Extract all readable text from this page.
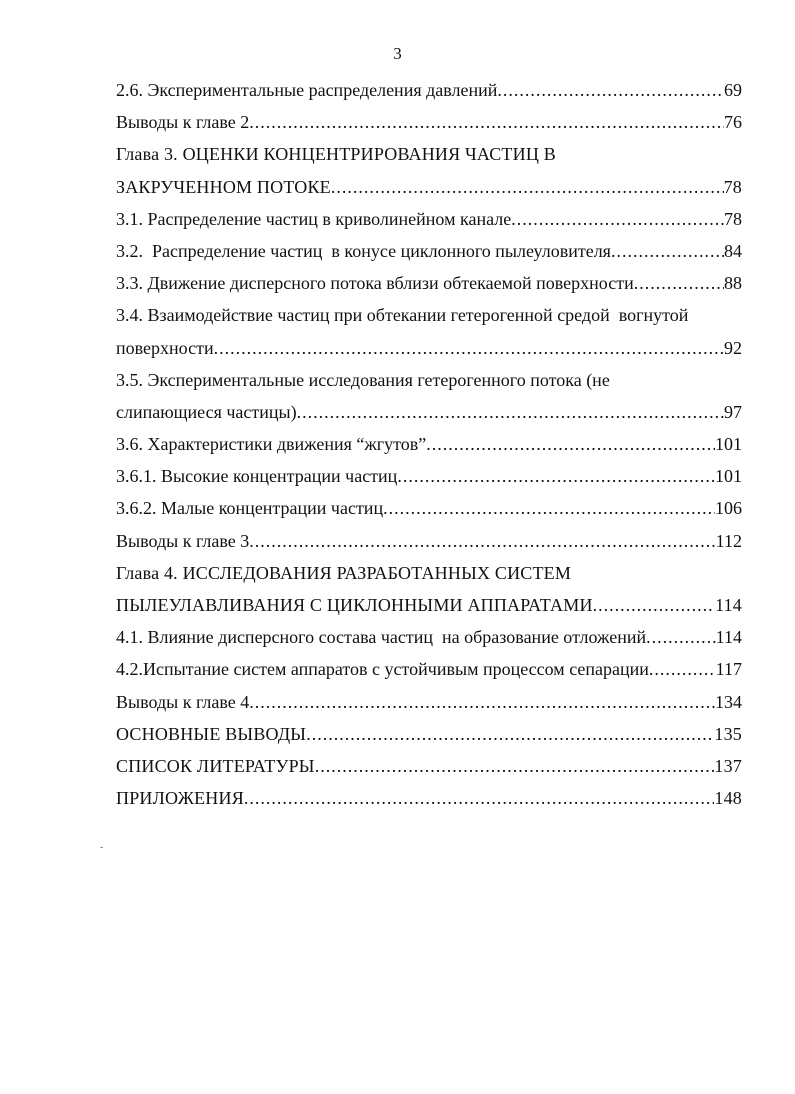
3
2.6. Экспериментальные распределения давлений .....	69
Выводы к главе 2 .....	76
Глава 3. ОЦЕНКИ КОНЦЕНТРИРОВАНИЯ ЧАСТИЦ В
ЗАКРУЧЕННОМ ПОТОКЕ .....	78
3.1. Распределение частиц в криволинейном канале .....	78
3.2.  Распределение частиц  в конусе циклонного пылеуловителя .....	84
3.3. Движение дисперсного потока вблизи обтекаемой поверхности .....	88
3.4. Взаимодействие частиц при обтекании гетерогенной средой  вогнутой
поверхности .....	92
3.5. Экспериментальные исследования гетерогенного потока (не
слипающиеся частицы) .....	97
3.6. Характеристики движения “жгутов” .....	101
3.6.1. Высокие концентрации частиц .....	101
3.6.2. Малые концентрации частиц .....	106
Выводы к главе 3 .....	112
Глава 4. ИССЛЕДОВАНИЯ РАЗРАБОТАННЫХ СИСТЕМ
ПЫЛЕУЛАВЛИВАНИЯ С ЦИКЛОННЫМИ АППАРАТАМИ .....	114
4.1. Влияние дисперсного состава частиц  на образование отложений .....	114
4.2.Испытание систем аппаратов с устойчивым процессом сепарации .....	117
Выводы к главе 4 .....	134
ОСНОВНЫЕ ВЫВОДЫ .....	135
СПИСОК ЛИТЕРАТУРЫ .....	137
ПРИЛОЖЕНИЯ .....	148
˘
